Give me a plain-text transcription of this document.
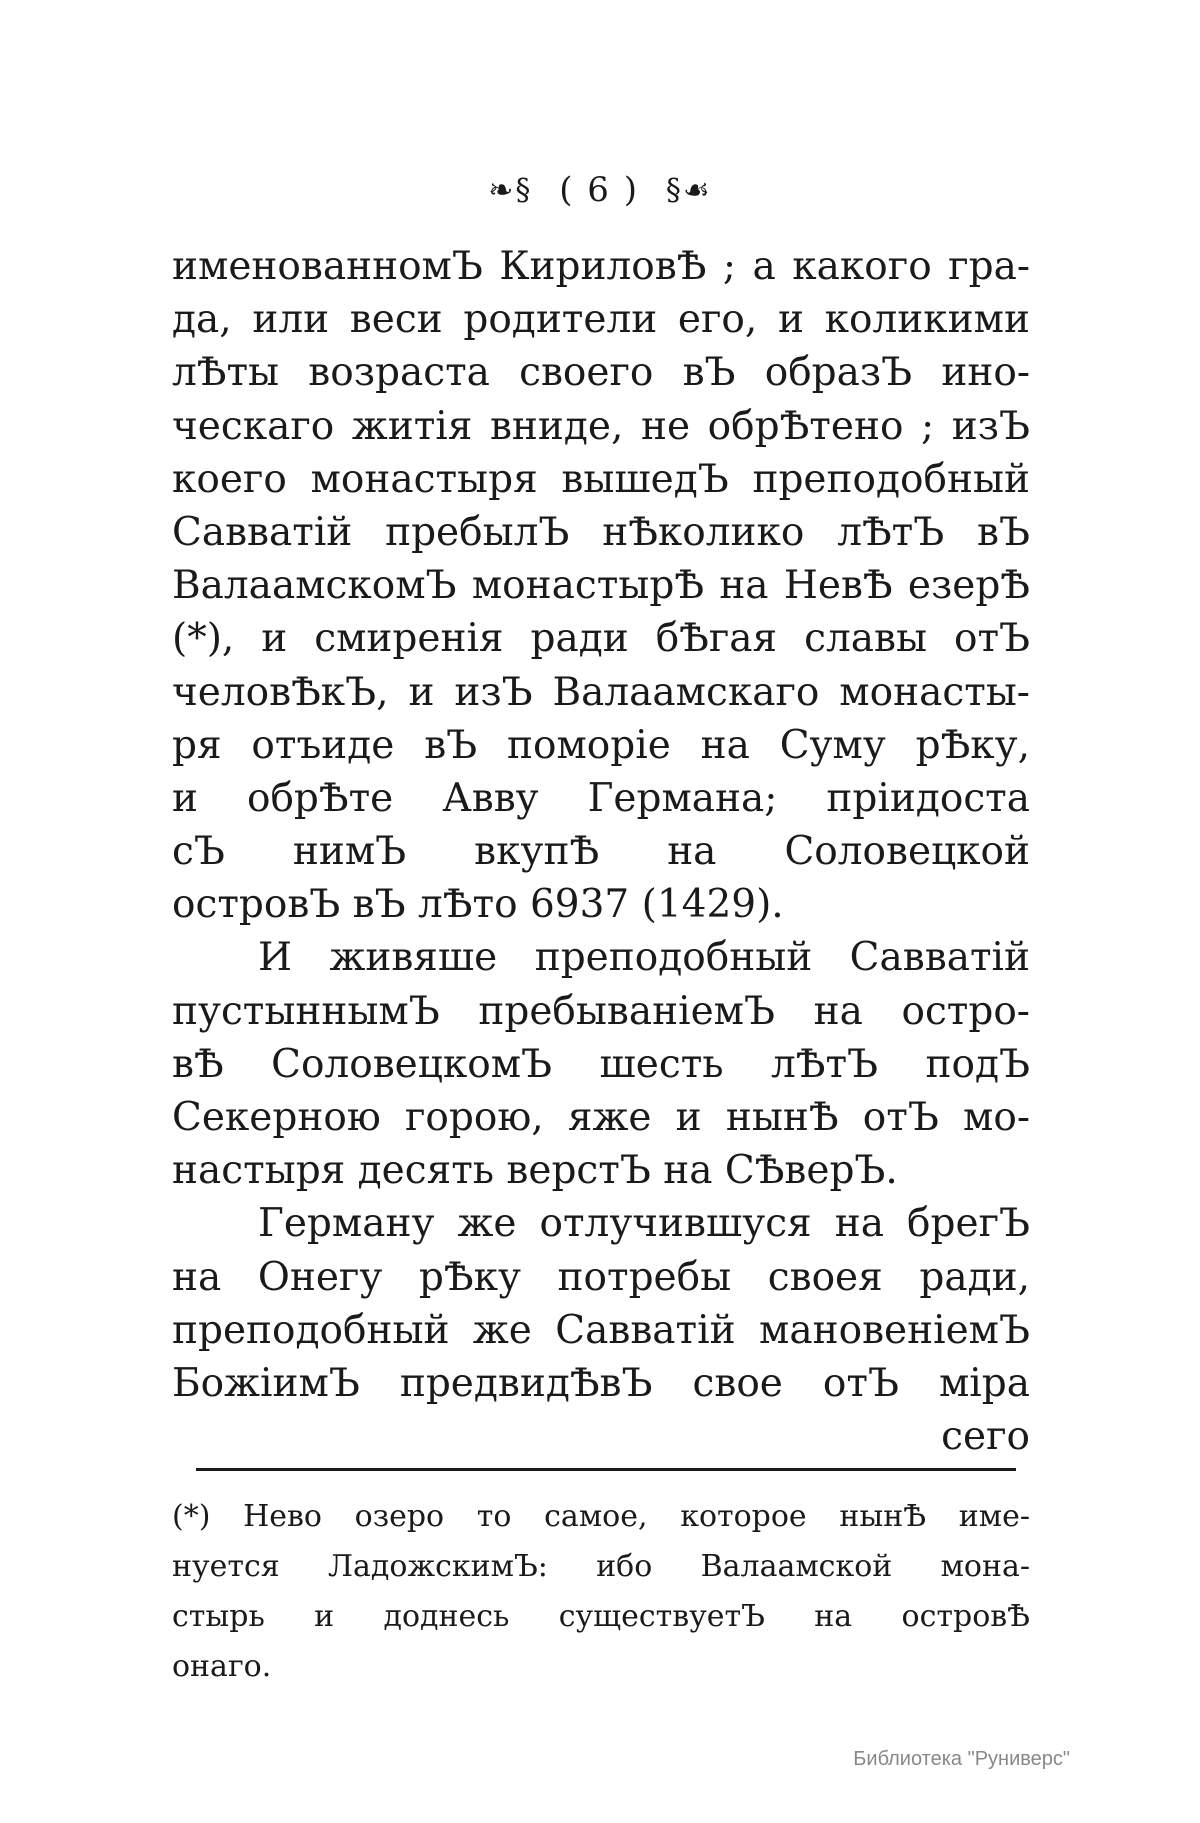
❧§ ( 6 ) §☙
именованномЪ КириловѢ ; а какого гра-
да, или веси родители его, и коликими
лѢты возраста своего вЪ образЪ ино-
ческаго житія вниде, не обрѢтено ; изЪ
коего монастыря вышедЪ преподобный
Савватій пребылЪ нѢколико лѢтЪ вЪ
ВалаамскомЪ монастырѢ на НевѢ езерѢ
(*), и смиренія ради бѢгая славы отЪ
человѢкЪ, и изЪ Валаамскаго монасты-
ря отъиде вЪ поморіе на Суму рѢку,
и обрѢте Авву Германа; пріидоста
сЪ нимЪ вкупѢ на Соловецкой
островЪ вЪ лѢто 6937 (1429).
И живяше преподобный Савватій
пустыннымЪ пребываніемЪ на остро-
вѢ СоловецкомЪ шесть лѢтЪ подЪ
Секерною горою, яже и нынѢ отЪ мо-
настыря десять верстЪ на СѢверЪ.
Герману же отлучившуся на брегЪ
на Онегу рѢку потребы своея ради,
преподобный же Савватій мановеніемЪ
БожіимЪ предвидѢвЪ свое отЪ міра
сего
(*) Нево озеро то самое, которое нынѢ име-
нуется ЛадожскимЪ: ибо Валаамской мона-
стырь и доднесь существуетЪ на островѢ
онаго.
Библиотека "Руниверс"
